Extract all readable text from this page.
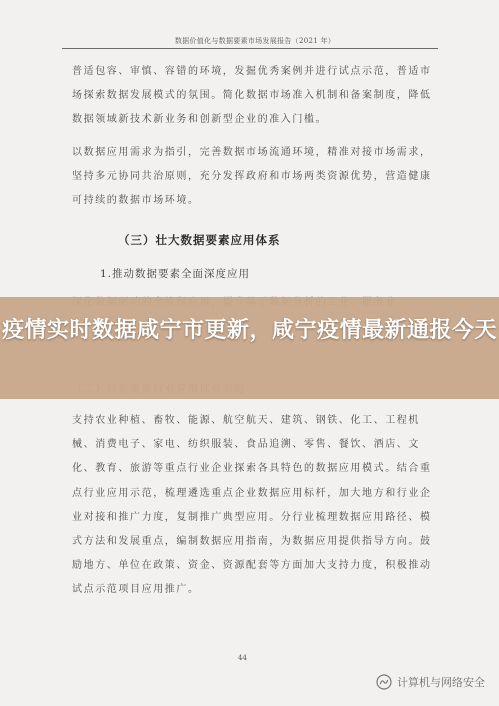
数据价值化与数据要素市场发展报告（2021 年）
普适包容、审慎、容错的环境，发掘优秀案例并进行试点示范，普适市场探索数据发展模式的氛围。简化数据市场准入机制和备案制度，降低数据领域新技术新业务和创新型企业的准入门槛。
以数据应用需求为指引，完善数据市场流通环境，精准对接市场需求，坚持多元协同共治原则，充分发挥政府和市场两类资源优势，营造健康可持续的数据市场环境。
（三）壮大数据要素应用体系
1.推动数据要素全面深度应用
支持农业种植、畜牧、能源、航空航天、建筑、钢铁、化工、工程机械、消费电子、家电、纺织服装、食品追溯、零售、餐饮、酒店、文化、教育、旅游等重点行业企业探索各具特色的数据应用模式。结合重点行业应用示范，梳理遴选重点企业数据应用标杆，加大地方和行业企业对接和推广力度，复制推广典型应用。分行业梳理数据应用路径、模式方法和发展重点，编制数据应用指南，为数据应用提供指导方向。鼓励地方、单位在政策、资金、资源配套等方面加大支持力度，积极推动试点示范项目应用推广。
44
疫情实时数据咸宁市更新，咸宁疫情最新通报今天
计算机与网络安全
